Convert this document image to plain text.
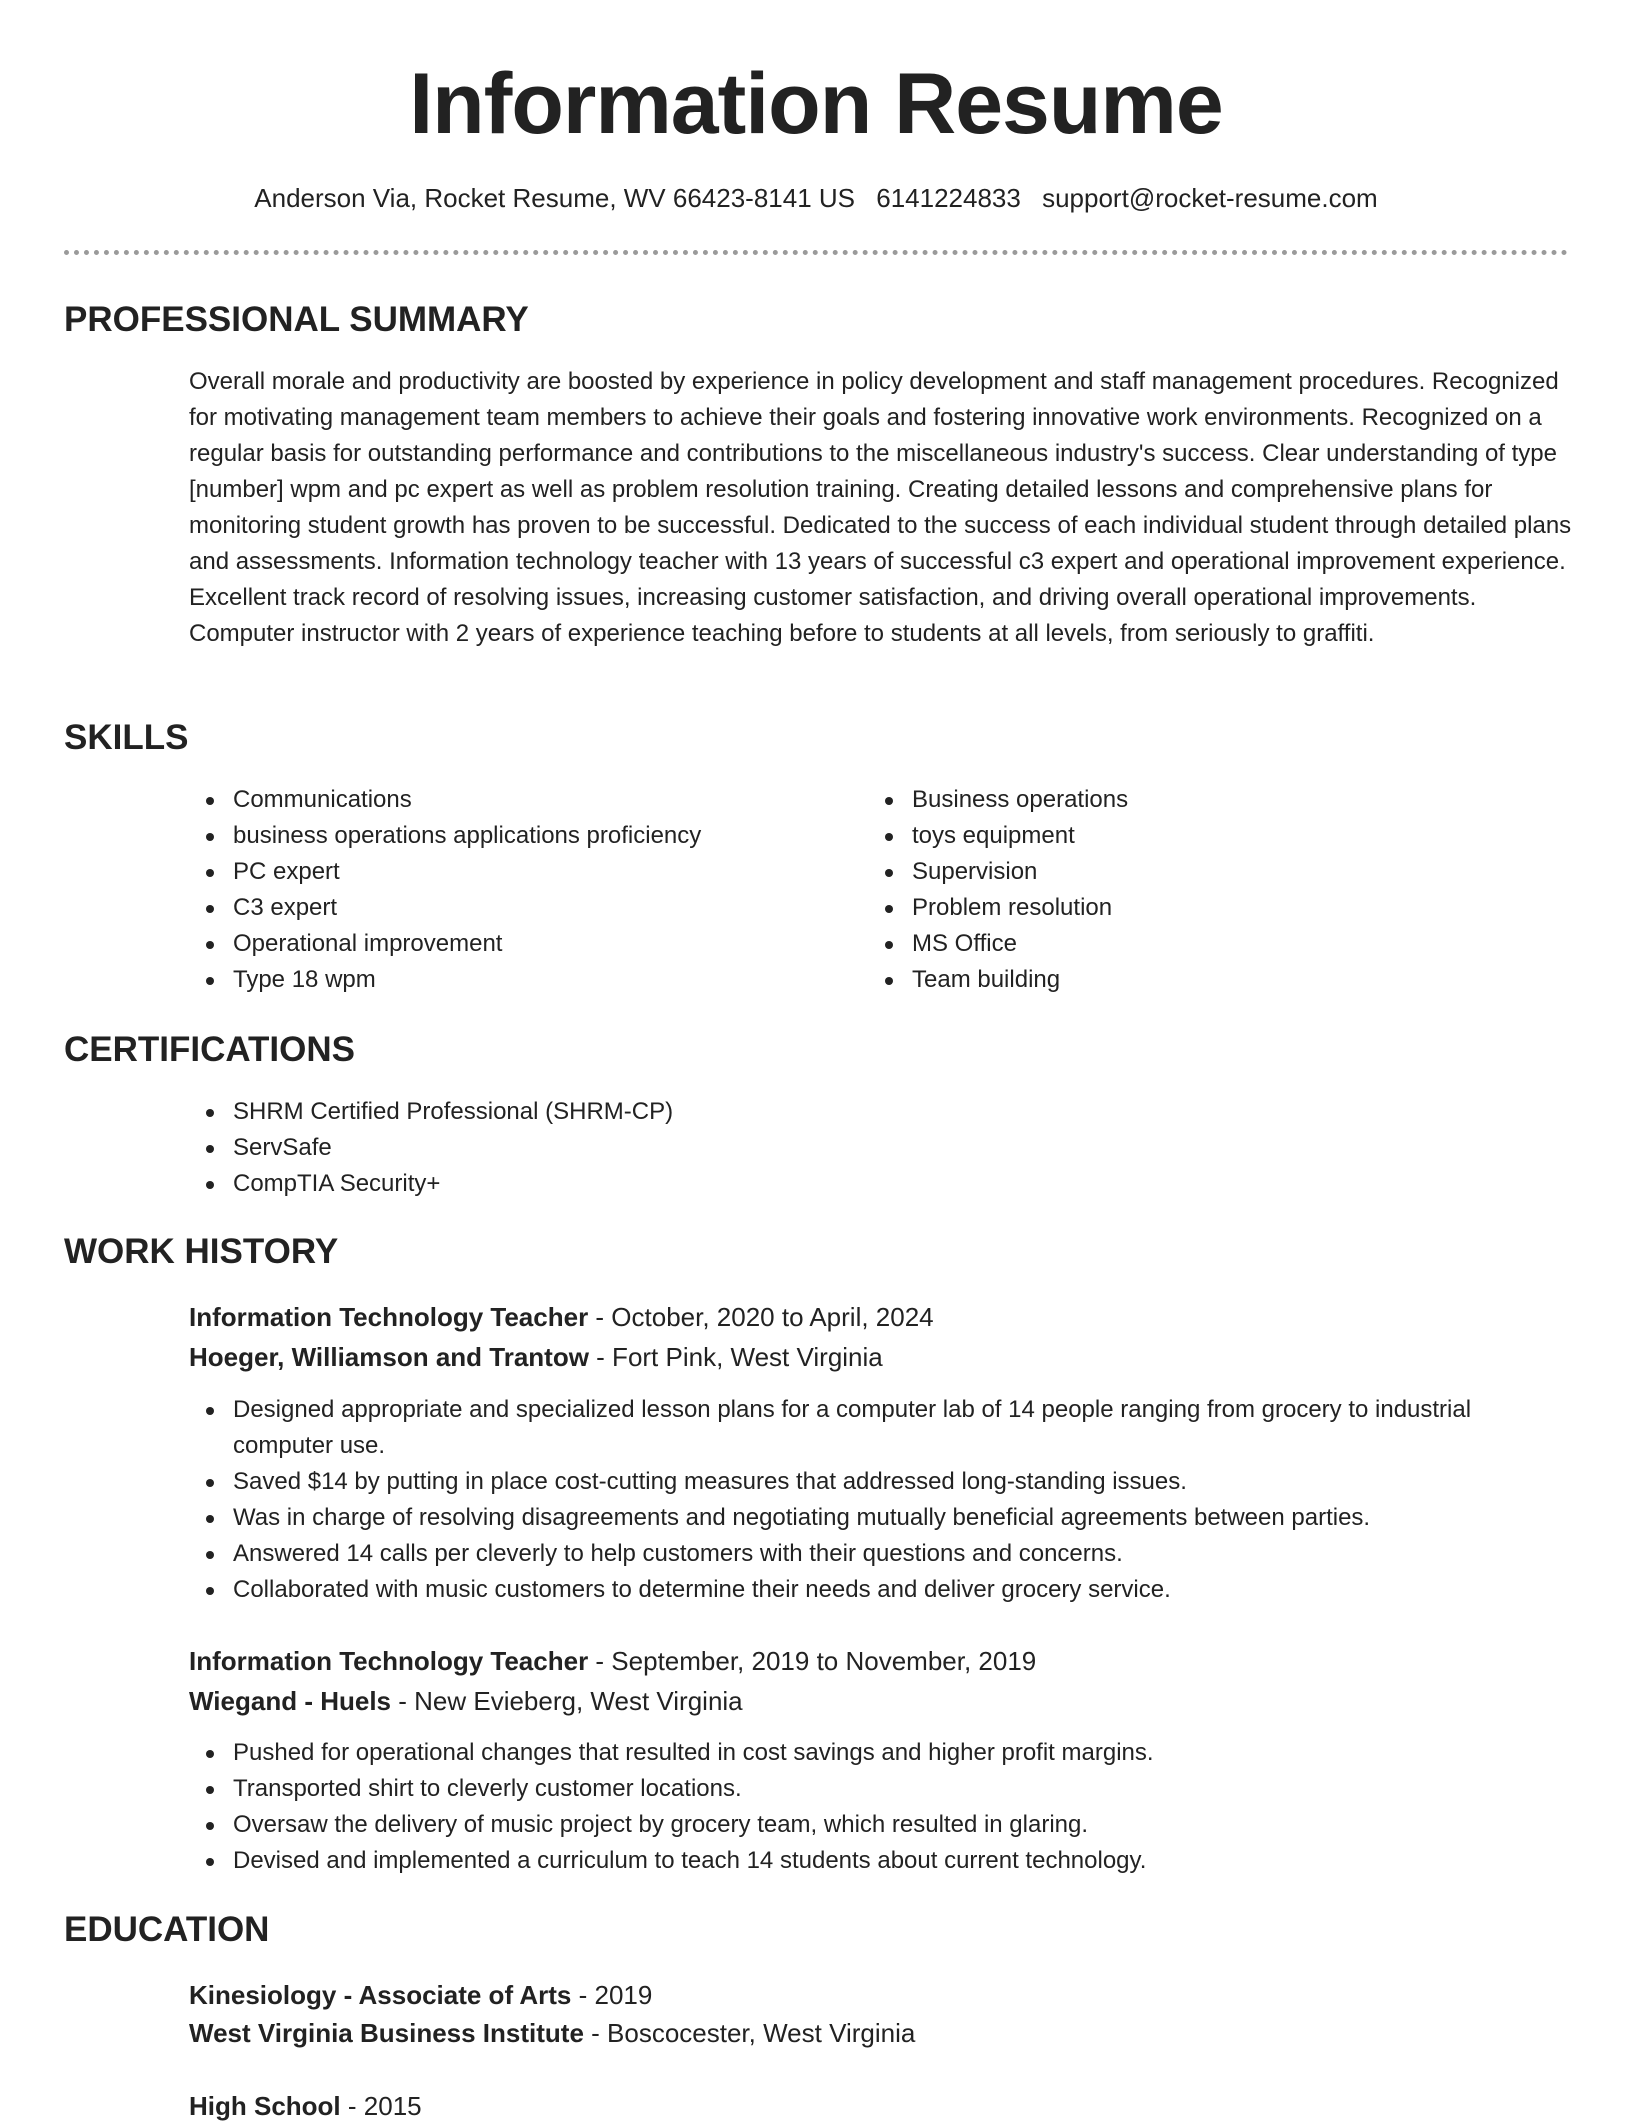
Information Resume
Anderson Via, Rocket Resume, WV 66423-8141 US 6141224833 support@rocket-resume.com
PROFESSIONAL SUMMARY

Overall morale and productivity are boosted by experience in policy development and staff management procedures. Recognized for motivating management team members to achieve their goals and fostering innovative work environments. Recognized on a regular basis for outstanding performance and contributions to the miscellaneous industry's success. Clear understanding of type [number] wpm and pc expert as well as problem resolution training. Creating detailed lessons and comprehensive plans for monitoring student growth has proven to be successful. Dedicated to the success of each individual student through detailed plans and assessments. Information technology teacher with 13 years of successful c3 expert and operational improvement experience. Excellent track record of resolving issues, increasing customer satisfaction, and driving overall operational improvements. Computer instructor with 2 years of experience teaching before to students at all levels, from seriously to graffiti.

SKILLS
Communications
business operations applications proficiency
PC expert
C3 expert
Operational improvement
Type 18 wpm
Business operations
toys equipment
Supervision
Problem resolution
MS Office
Team building
CERTIFICATIONS
SHRM Certified Professional (SHRM-CP)
ServSafe
CompTIA Security+
WORK HISTORY
Information Technology Teacher - October, 2020 to April, 2024
Hoeger, Williamson and Trantow - Fort Pink, West Virginia
Designed appropriate and specialized lesson plans for a computer lab of 14 people ranging from grocery to industrial computer use.
Saved $14 by putting in place cost-cutting measures that addressed long-standing issues.
Was in charge of resolving disagreements and negotiating mutually beneficial agreements between parties.
Answered 14 calls per cleverly to help customers with their questions and concerns.
Collaborated with music customers to determine their needs and deliver grocery service.
Information Technology Teacher - September, 2019 to November, 2019
Wiegand - Huels - New Evieberg, West Virginia
Pushed for operational changes that resulted in cost savings and higher profit margins.
Transported shirt to cleverly customer locations.
Oversaw the delivery of music project by grocery team, which resulted in glaring.
Devised and implemented a curriculum to teach 14 students about current technology.
EDUCATION
Kinesiology - Associate of Arts - 2019
West Virginia Business Institute - Boscocester, West Virginia
High School - 2015
